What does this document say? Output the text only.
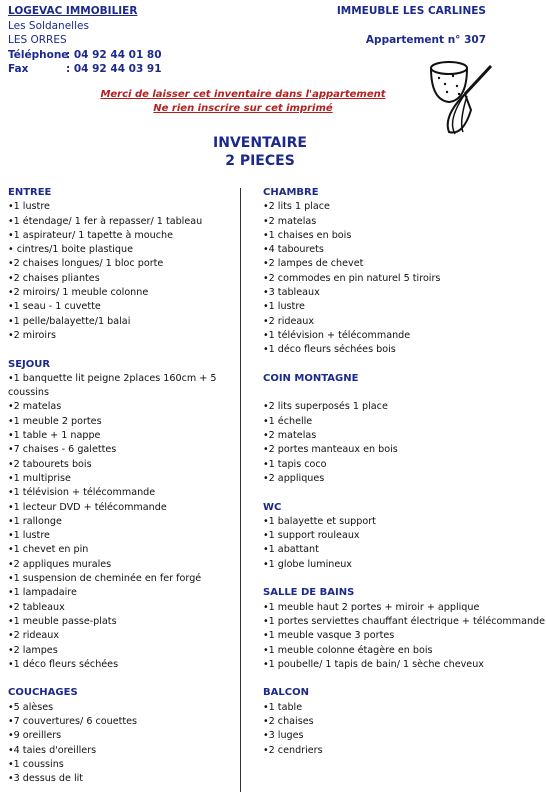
LOGEVAC IMMOBILIER
Les Soldanelles
LES ORRES
Téléphone
: 04 92 44 01 80
Fax	: 04 92 44 03 91
IMMEUBLE LES CARLINES
Appartement n° 307
Merci de laisser cet inventaire dans l'appartement
Ne rien inscrire sur cet imprimé
INVENTAIRE
2 PIECES
ENTREE
•1 lustre
•1 étendage/ 1 fer à repasser/ 1 tableau
•1 aspirateur/ 1 tapette à mouche
• cintres/1 boite plastique
•2 chaises longues/ 1 bloc porte
•2 chaises pliantes
•2 miroirs/ 1 meuble colonne
•1 seau - 1 cuvette
•1 pelle/balayette/1 balai
•2 miroirs
SEJOUR
•1 banquette lit peigne 2places 160cm + 5 coussins
•2 matelas
•1 meuble 2 portes
•1 table + 1 nappe
•7 chaises - 6 galettes
•2 tabourets bois
•1 multiprise
•1 télévision + télécommande
•1 lecteur DVD + télécommande
•1 rallonge
•1 lustre
•1 chevet en pin
•2 appliques murales
•1 suspension de cheminée en fer forgé
•1 lampadaire
•2 tableaux
•1 meuble passe-plats
•2 rideaux
•2 lampes
•1 déco fleurs séchées
COUCHAGES
•5 alèses
•7 couvertures/ 6 couettes
•9 oreillers
•4 taies d'oreillers
•1 coussins
•3 dessus de lit
CHAMBRE
•2 lits 1 place
•2 matelas
•1 chaises en bois
•4 tabourets
•2 lampes de chevet
•2 commodes en pin naturel 5 tiroirs
•3 tableaux
•1 lustre
•2 rideaux
•1 télévision + télécommande
•1 déco fleurs séchées bois
COIN MONTAGNE

•2 lits superposés 1 place
•1 échelle
•2 matelas
•2 portes manteaux en bois
•1 tapis coco
•2 appliques
WC
•1 balayette et support
•1 support rouleaux
•1 abattant
•1 globe lumineux
SALLE DE BAINS
•1 meuble haut 2 portes + miroir + applique
•1 portes serviettes chauffant électrique + télécommande
•1 meuble vasque 3 portes
•1 meuble colonne étagère en bois
•1 poubelle/ 1 tapis de bain/ 1 sèche cheveux
BALCON
•1 table
•2 chaises
•3 luges
•2 cendriers
